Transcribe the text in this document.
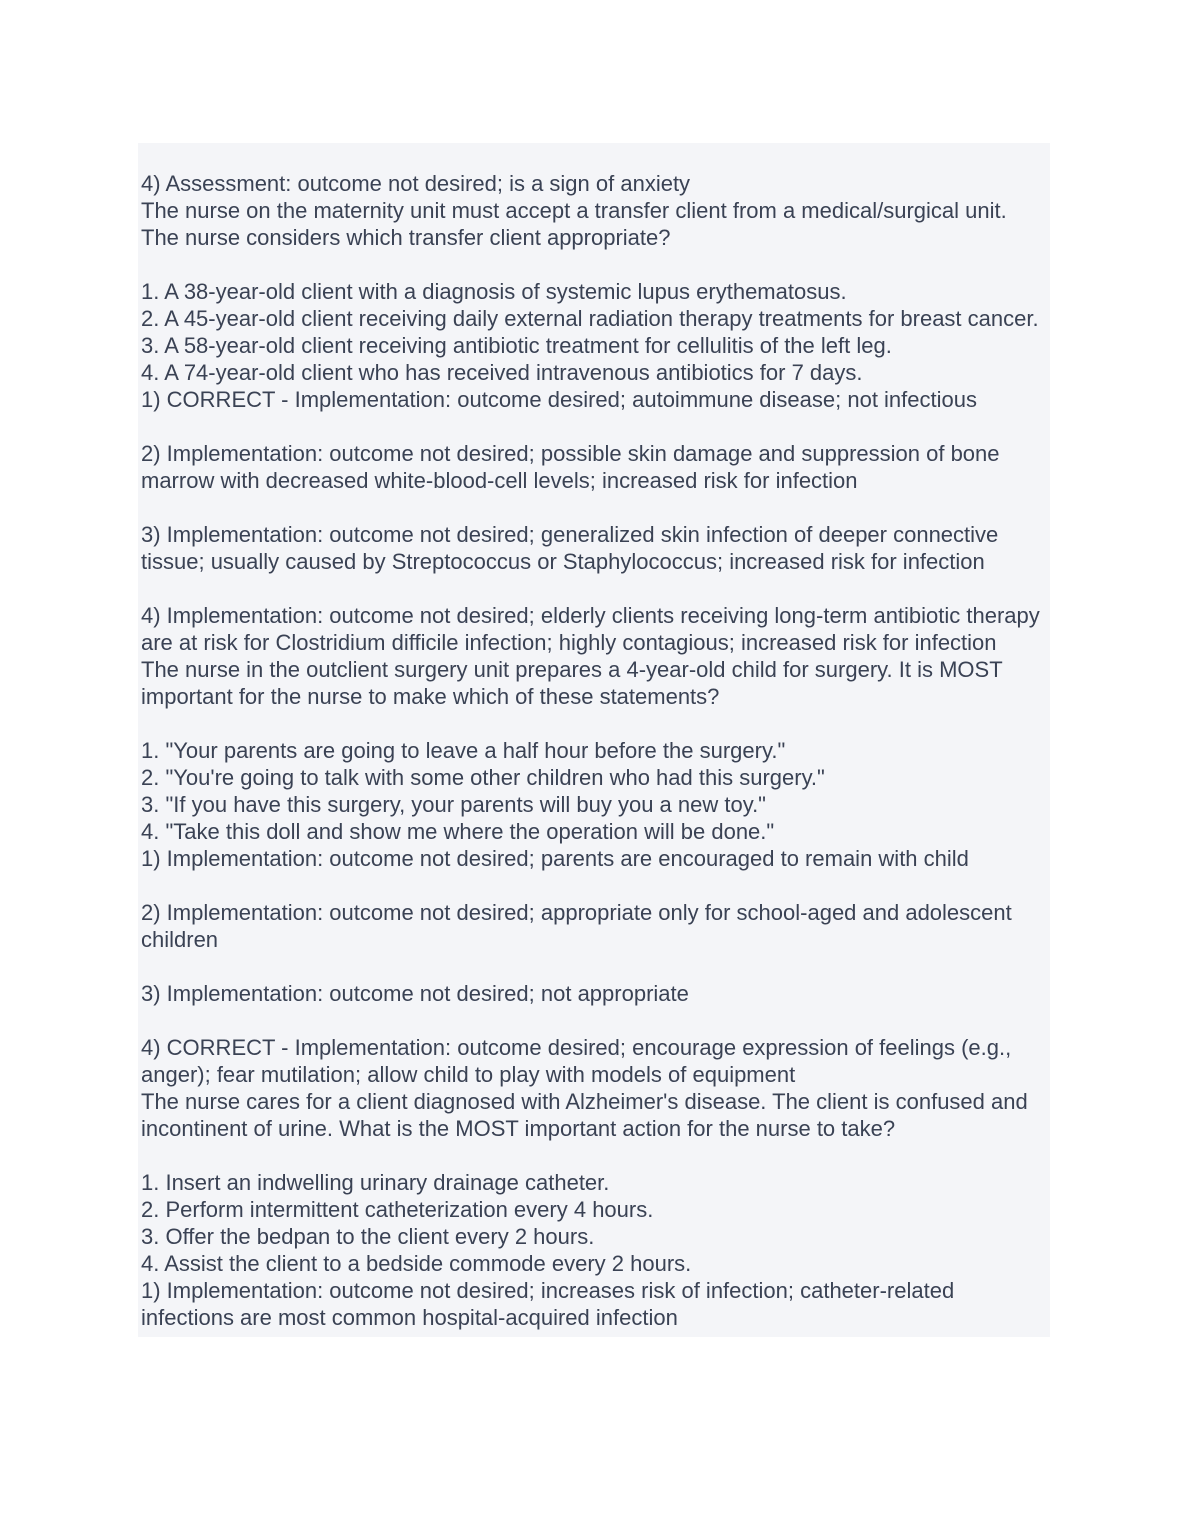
4) Assessment: outcome not desired; is a sign of anxiety

The nurse on the maternity unit must accept a transfer client from a medical/surgical unit. The nurse considers which transfer client appropriate?

1. A 38-year-old client with a diagnosis of systemic lupus erythematosus.

2. A 45-year-old client receiving daily external radiation therapy treatments for breast cancer.

3. A 58-year-old client receiving antibiotic treatment for cellulitis of the left leg.

4. A 74-year-old client who has received intravenous antibiotics for 7 days.

1) CORRECT - Implementation: outcome desired; autoimmune disease; not infectious

2) Implementation: outcome not desired; possible skin damage and suppression of bone marrow with decreased white-blood-cell levels; increased risk for infection

3) Implementation: outcome not desired; generalized skin infection of deeper connective tissue; usually caused by Streptococcus or Staphylococcus; increased risk for infection

4) Implementation: outcome not desired; elderly clients receiving long-term antibiotic therapy are at risk for Clostridium difficile infection; highly contagious; increased risk for infection

The nurse in the outclient surgery unit prepares a 4-year-old child for surgery. It is MOST important for the nurse to make which of these statements?

1. "Your parents are going to leave a half hour before the surgery."

2. "You're going to talk with some other children who had this surgery."

3. "If you have this surgery, your parents will buy you a new toy."

4. "Take this doll and show me where the operation will be done."

1) Implementation: outcome not desired; parents are encouraged to remain with child

2) Implementation: outcome not desired; appropriate only for school-aged and adolescent children

3) Implementation: outcome not desired; not appropriate

4) CORRECT - Implementation: outcome desired; encourage expression of feelings (e.g., anger); fear mutilation; allow child to play with models of equipment

The nurse cares for a client diagnosed with Alzheimer's disease. The client is confused and incontinent of urine. What is the MOST important action for the nurse to take?

1. Insert an indwelling urinary drainage catheter.

2. Perform intermittent catheterization every 4 hours.

3. Offer the bedpan to the client every 2 hours.

4. Assist the client to a bedside commode every 2 hours.

1) Implementation: outcome not desired; increases risk of infection; catheter-related infections are most common hospital-acquired infection
